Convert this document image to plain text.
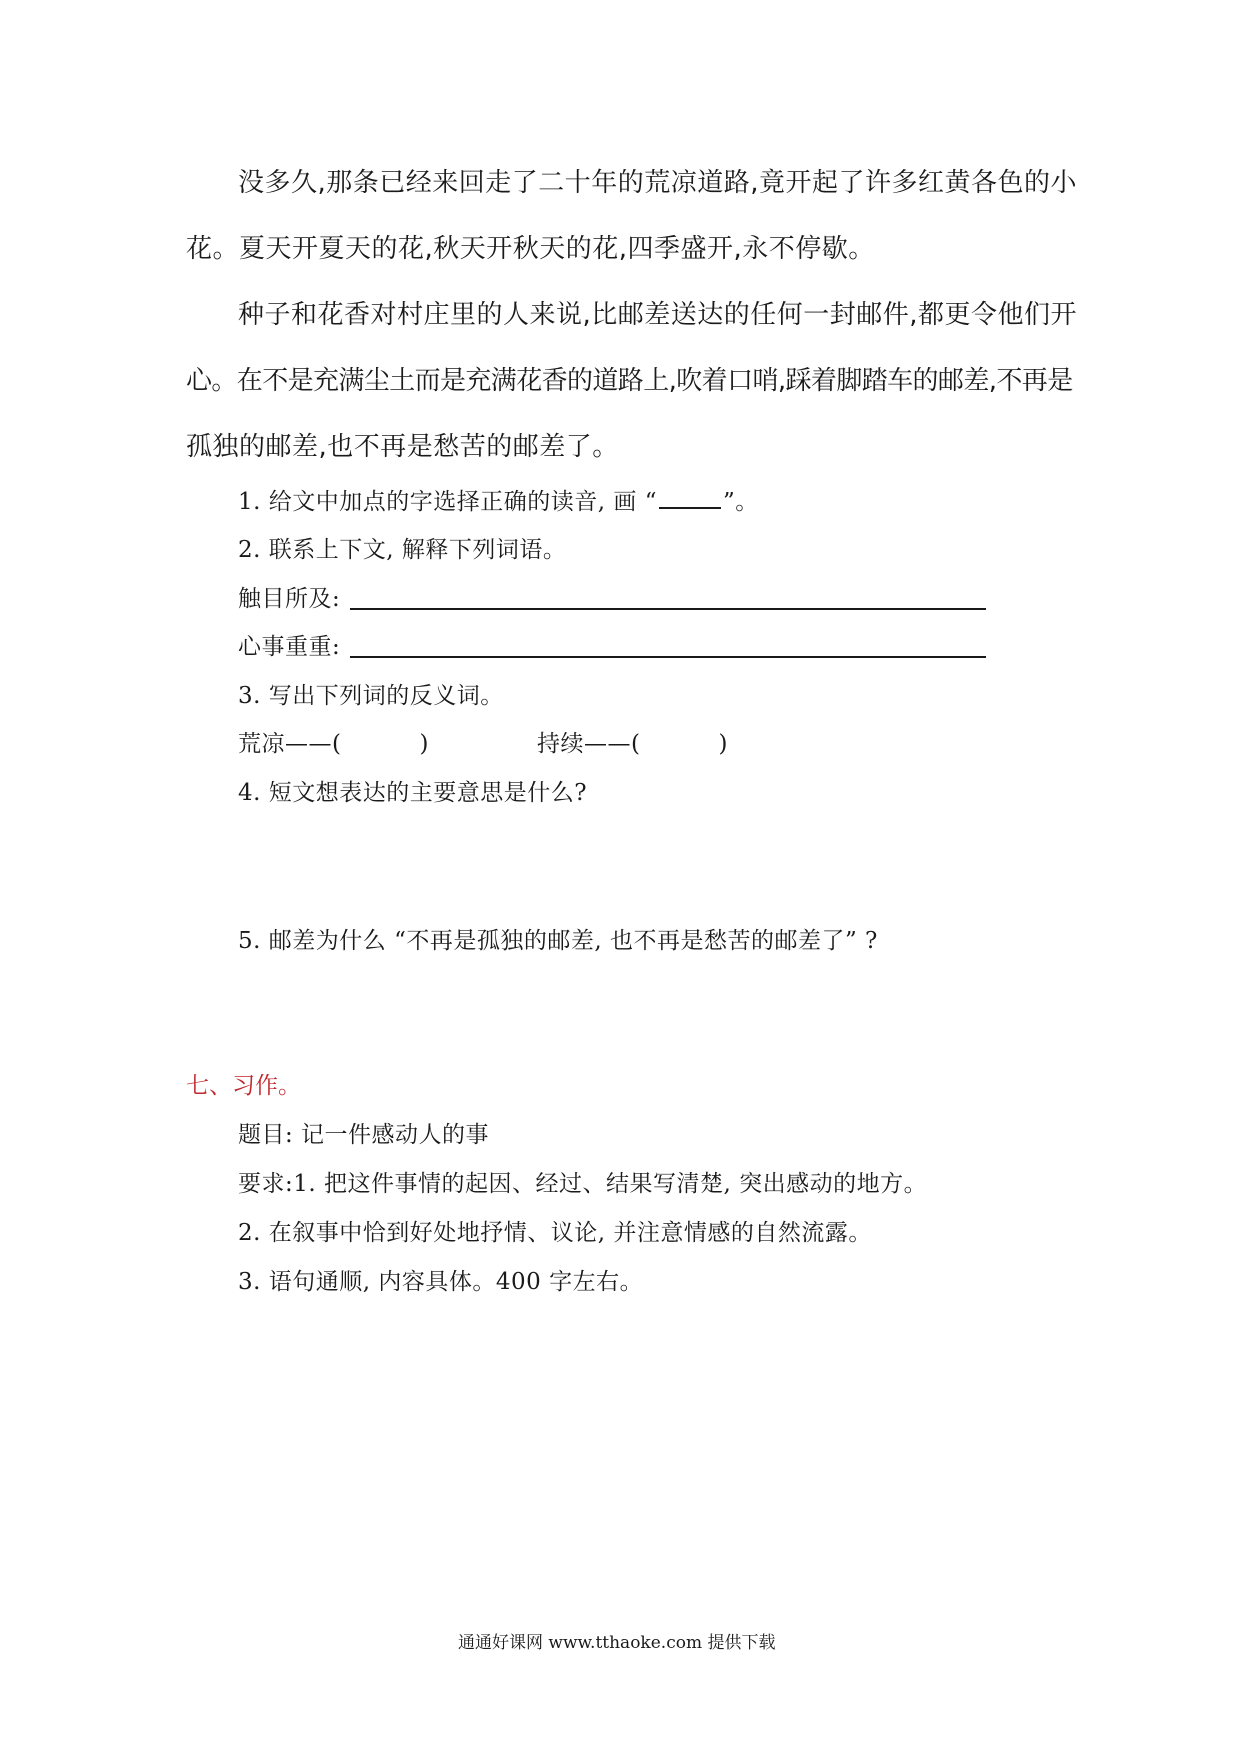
没多久,那条已经来回走了二十年的荒凉道路,竟开起了许多红黄各色的小
花。夏天开夏天的花,秋天开秋天的花,四季盛开,永不停歇。
种子和花香对村庄里的人来说,比邮差送达的任何一封邮件,都更令他们开
心。在不是充满尘土而是充满花香的道路上,吹着口哨,踩着脚踏车的邮差,不再是
孤独的邮差,也不再是愁苦的邮差了。
1. 给文中加点的字选择正确的读音, 画 “	”。
2. 联系上下文, 解释下列词语。
触目所及:
心事重重:
3. 写出下列词的反义词。
荒凉——(	)	持续——(	)
4. 短文想表达的主要意思是什么?
5. 邮差为什么 “不再是孤独的邮差, 也不再是愁苦的邮差了” ?
七、习作。
题目: 记一件感动人的事
要求:1. 把这件事情的起因、经过、结果写清楚, 突出感动的地方。
2. 在叙事中恰到好处地抒情、议论, 并注意情感的自然流露。
3. 语句通顺, 内容具体。400 字左右。
通通好课网 www.tthaoke.com 提供下载
